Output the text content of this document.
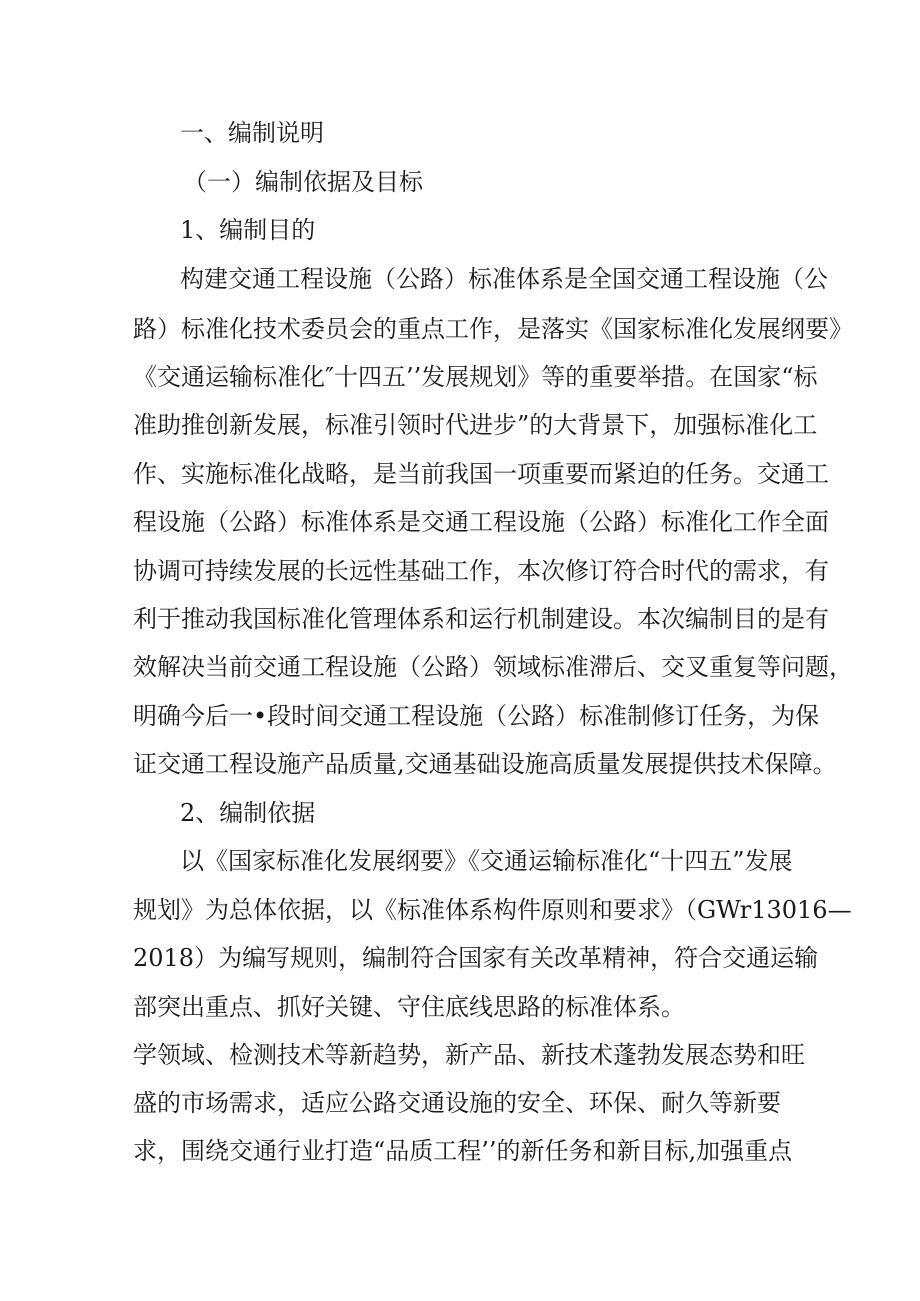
一、编制说明
（一）编制依据及目标
1、编制目的
构建交通工程设施（公路）标准体系是全国交通工程设施（公
路）标准化技术委员会的重点工作，是落实《国家标准化发展纲要》
《交通运输标准化″十四五’’发展规划》等的重要举措。在国家“标
准助推创新发展，标准引领时代进步”的大背景下，加强标准化工
作、实施标准化战略，是当前我国一项重要而紧迫的任务。交通工
程设施（公路）标准体系是交通工程设施（公路）标准化工作全面
协调可持续发展的长远性基础工作，本次修订符合时代的需求，有
利于推动我国标准化管理体系和运行机制建设。本次编制目的是有
效解决当前交通工程设施（公路）领域标准滞后、交叉重复等问题，
明确今后一•段时间交通工程设施（公路）标准制修订任务，为保
证交通工程设施产品质量,交通基础设施高质量发展提供技术保障。
2、编制依据
以《国家标准化发展纲要》《交通运输标准化“十四五”发展
规划》为总体依据，以《标准体系构件原则和要求》（GWr13016—
2018）为编写规则，编制符合国家有关改革精神，符合交通运输
部突出重点、抓好关键、守住底线思路的标准体系。
学领域、检测技术等新趋势，新产品、新技术蓬勃发展态势和旺
盛的市场需求，适应公路交通设施的安全、环保、耐久等新要
求，围绕交通行业打造“品质工程’’的新任务和新目标,加强重点
